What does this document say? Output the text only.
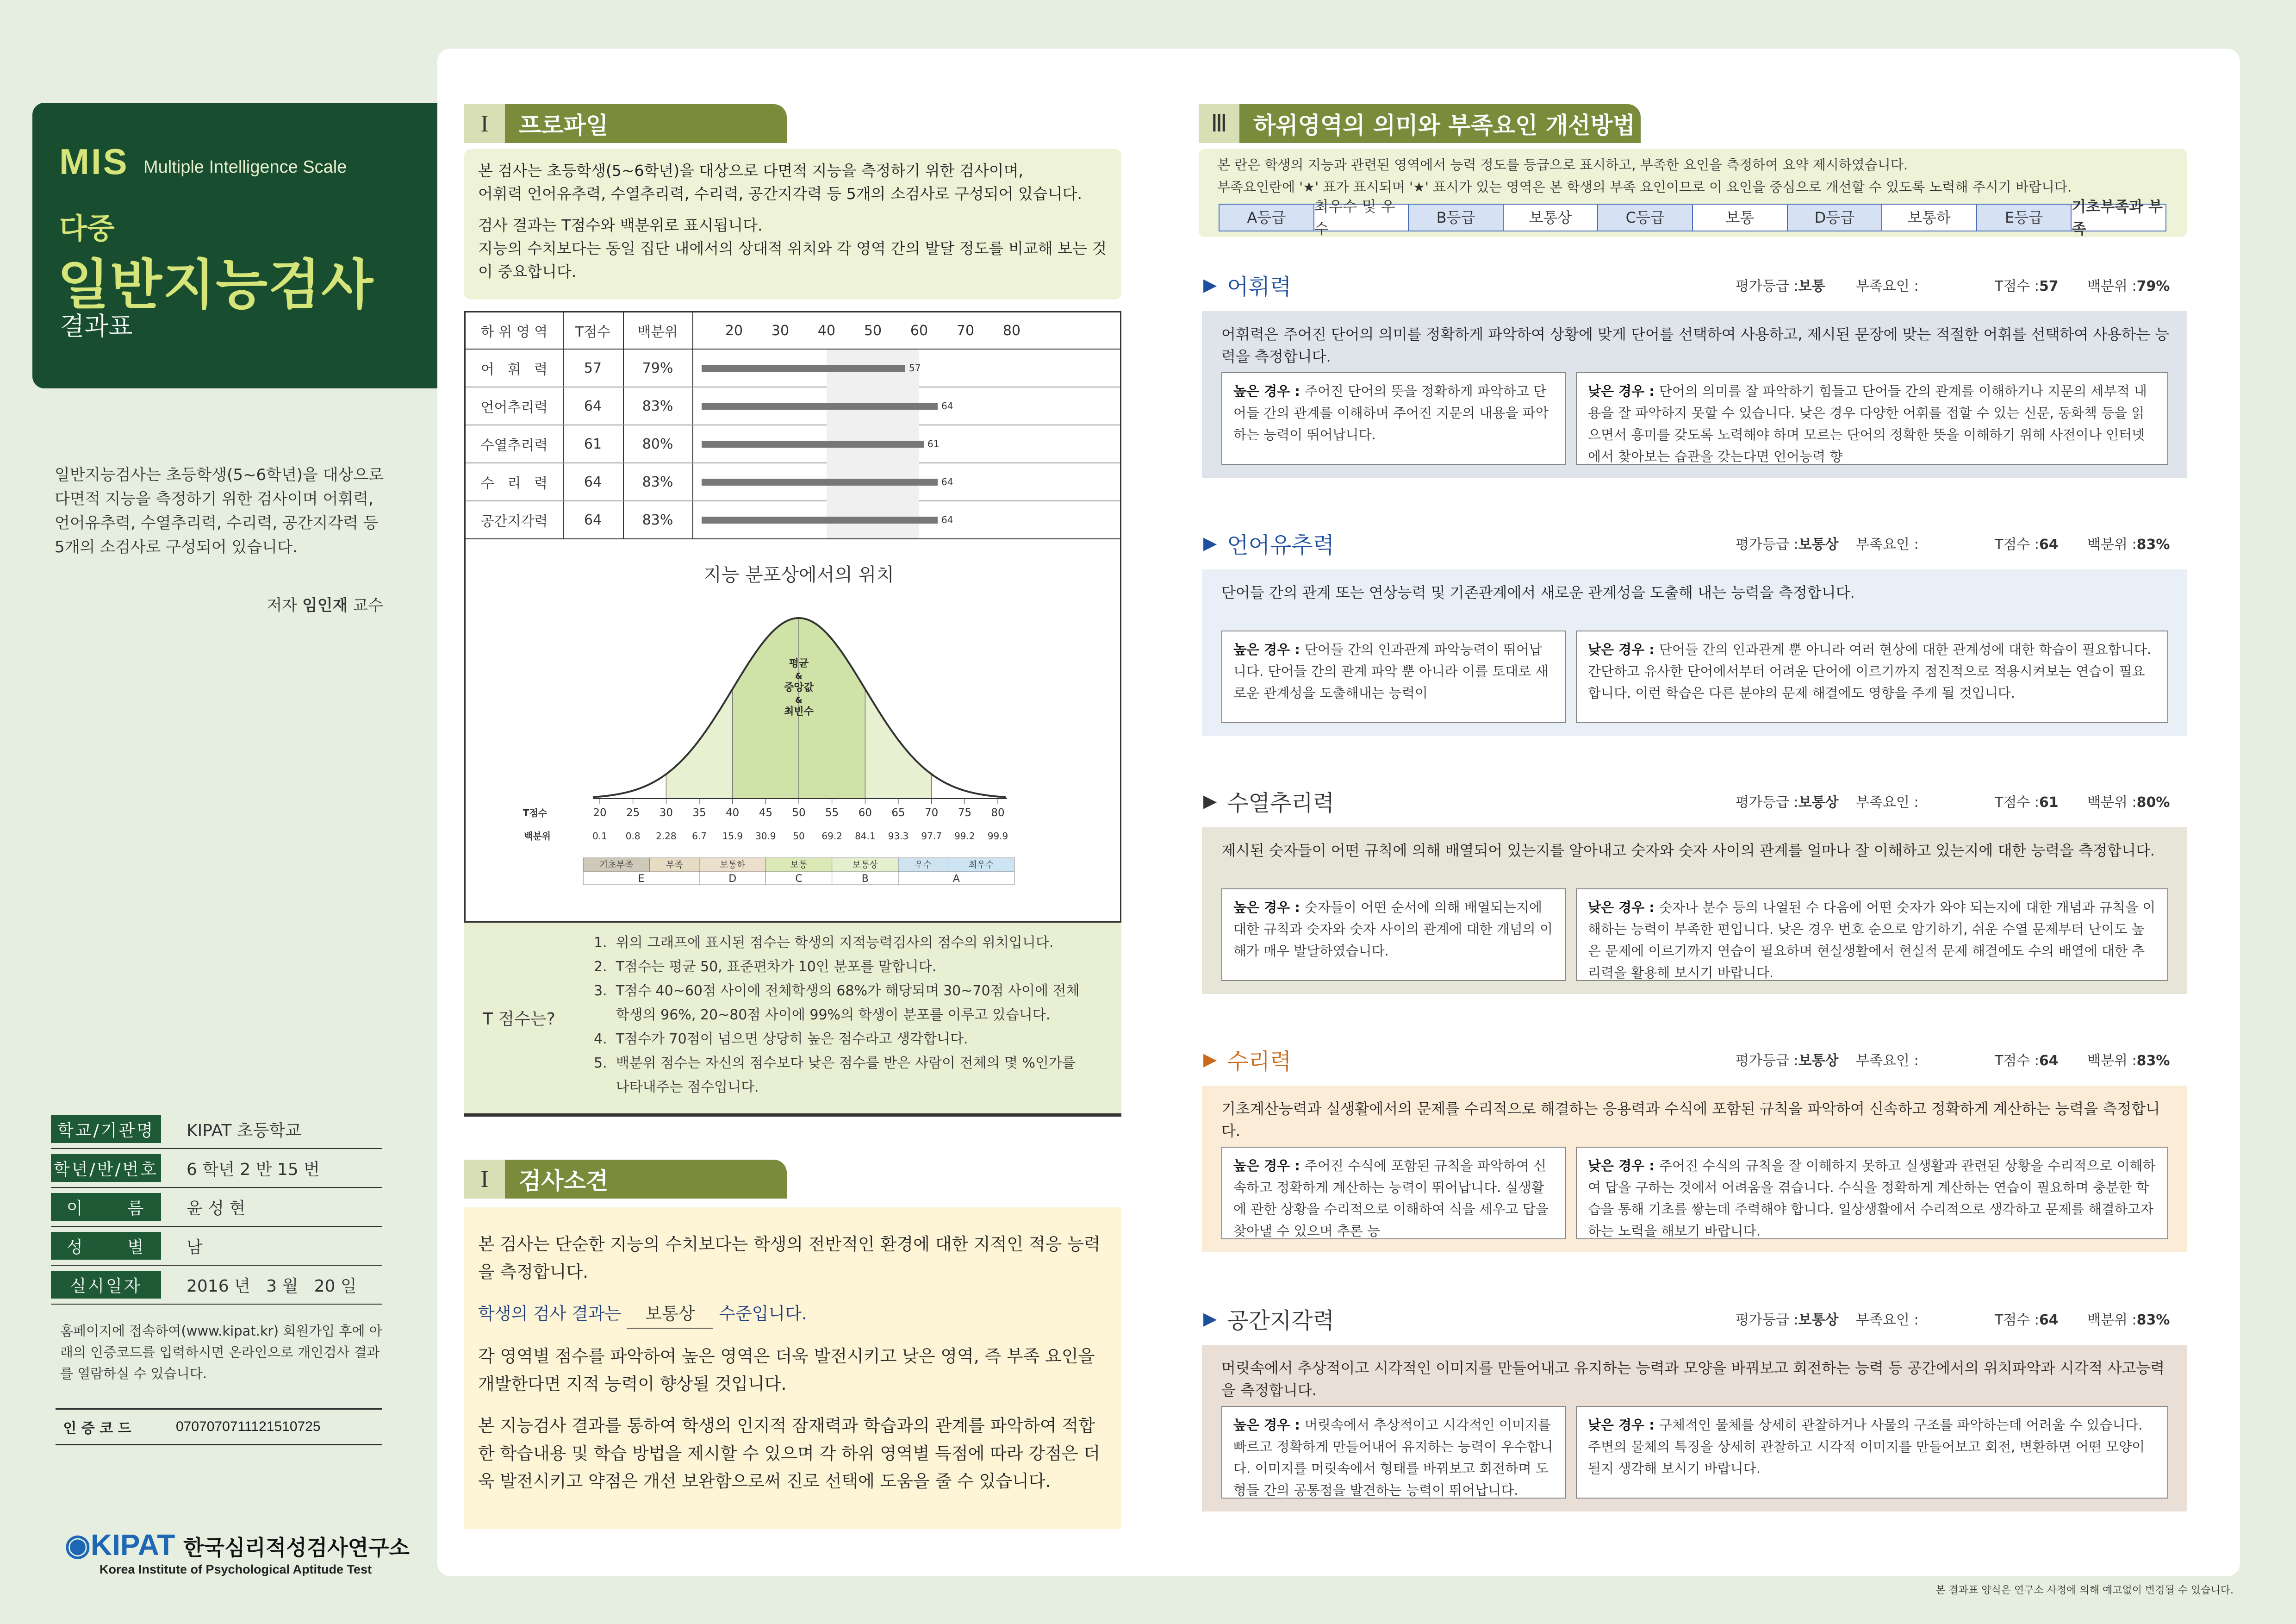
MIS Multiple Intelligence Scale
다중
일반지능검사
결과표
일반지능검사는 초등학생(5~6학년)을 대상으로 다면적 지능을 측정하기 위한 검사이며 어휘력, 언어유추력, 수열추리력, 수리력, 공간지각력 등 5개의 소검사로 구성되어 있습니다.
저자 임인재 교수
학교/기관명	KIPAT 초등학교
학년/반/번호	6 학년 2 반 15 번
이      름	윤 성 현
성      별	남
실시일자	2016 년   3 월   20 일
홈페이지에 접속하여(www.kipat.kr) 회원가입 후에 아래의 인증코드를 입력하시면 온라인으로 개인검사 결과를 열람하실 수 있습니다.
인 증 코 드	0707070711121510725
◉KIPAT 한국심리적성검사연구소
Korea Institute of Psychological Aptitude Test
본 결과표 양식은 연구소 사정에 의해 예고없이 변경될 수 있습니다.
I	프로파일
본 검사는 초등학생(5~6학년)을 대상으로 다면적 지능을 측정하기 위한 검사이며,
어휘력 언어유추력, 수열추리력, 수리력, 공간지각력 등 5개의 소검사로 구성되어 있습니다.
검사 결과는 T점수와 백분위로 표시됩니다.
지능의 수치보다는 동일 집단 내에서의 상대적 위치와 각 영역 간의 발달 정도를 비교해 보는 것이 중요합니다.
하 위 영 역	T점수	백분위	20	30	40	50	60	70	80
어   휘   력	57	79%	57
언어추리력	64	83%	64
수열추리력	61	80%	61
수   리   력	64	83%	64
공간지각력	64	83%	64
지능 분포상에서의 위치
평균
&
중앙값
&
최빈수
T점수
백분위
20 25 30 35 40 45 50 55 60 65 70 75 80
0.1 0.8 2.28 6.7 15.9 30.9 50 69.2 84.1 93.3 97.7 99.2 99.9
기초부족	부족	보통하	보통	보통상	우수	최우수
E	D	C	B	A
T 점수는?
1.  위의 그래프에 표시된 점수는 학생의 지적능력검사의 점수의 위치입니다.
2.  T점수는 평균 50, 표준편차가 10인 분포를 말합니다.
3.  T점수 40~60점 사이에 전체학생의 68%가 해당되며 30~70점 사이에 전체
학생의 96%, 20~80점 사이에 99%의 학생이 분포를 이루고 있습니다.
4.  T점수가 70점이 넘으면 상당히 높은 점수라고 생각합니다.
5.  백분위 점수는 자신의 점수보다 낮은 점수를 받은 사람이 전체의 몇 %인가를
나타내주는 점수입니다.
I	검사소견

본 검사는 단순한 지능의 수치보다는 학생의 전반적인 환경에 대한 지적인 적응 능력을 측정합니다.

학생의 검사 결과는 보통상 수준입니다.

각 영역별 점수를 파악하여 높은 영역은 더욱 발전시키고 낮은 영역, 즉 부족 요인을 개발한다면 지적 능력이 향상될 것입니다.

본 지능검사 결과를 통하여 학생의 인지적 잠재력과 학습과의 관계를 파악하여 적합한 학습내용 및 학습 방법을 제시할 수 있으며 각 하위 영역별 득점에 따라 강점은 더욱 발전시키고 약점은 개선 보완함으로써 진로 선택에 도움을 줄 수 있습니다.

Ⅲ	하위영역의 의미와 부족요인 개선방법
본 란은 학생의 지능과 관련된 영역에서 능력 정도를 등급으로 표시하고, 부족한 요인을 측정하여 요약 제시하였습니다.
부족요인란에 '★' 표가 표시되며 '★' 표시가 있는 영역은 본 학생의 부족 요인이므로 이 요인을 중심으로 개선할 수 있도록 노력해 주시기 바랍니다.
A등급
최우수 및 우수
B등급	보통상	C등급	보통	D등급	보통하	E등급
기초부족과 부족
▶ 어휘력	평가등급 :보통	부족요인 :	T점수 :57	백분위 :79%
어휘력은 주어진 단어의 의미를 정확하게 파악하여 상황에 맞게 단어를 선택하여 사용하고, 제시된 문장에 맞는 적절한 어휘를 선택하여 사용하는 능력을 측정합니다.
높은 경우 : 주어진 단어의 뜻을 정확하게 파악하고 단어들 간의 관계를 이해하며 주어진 지문의 내용을 파악하는 능력이 뛰어납니다.
낮은 경우 : 단어의 의미를 잘 파악하기 힘들고 단어들 간의 관계를 이해하거나 지문의 세부적 내용을 잘 파악하지 못할 수 있습니다. 낮은 경우 다양한 어휘를 접할 수 있는 신문, 동화책 등을 읽으면서 흥미를 갖도록 노력해야 하며 모르는 단어의 정확한 뜻을 이해하기 위해 사전이나 인터넷에서 찾아보는 습관을 갖는다면 언어능력 향
▶ 언어유추력	평가등급 :보통상	부족요인 :	T점수 :64	백분위 :83%
단어들 간의 관계 또는 연상능력 및 기존관계에서 새로운 관계성을 도출해 내는 능력을 측정합니다.
높은 경우 : 단어들 간의 인과관계 파악능력이 뛰어납니다. 단어들 간의 관계 파악 뿐 아니라 이를 토대로 새로운 관계성을 도출해내는 능력이
낮은 경우 : 단어들 간의 인과관계 뿐 아니라 여러 현상에 대한 관계성에 대한 학습이 필요합니다. 간단하고 유사한 단어에서부터 어려운 단어에 이르기까지 점진적으로 적용시켜보는 연습이 필요합니다. 이런 학습은 다른 분야의 문제 해결에도 영향을 주게 될 것입니다.
▶ 수열추리력	평가등급 :보통상	부족요인 :	T점수 :61	백분위 :80%
제시된 숫자들이 어떤 규칙에 의해 배열되어 있는지를 알아내고 숫자와 숫자 사이의 관계를 얼마나 잘 이해하고 있는지에 대한 능력을 측정합니다.
높은 경우 : 숫자들이 어떤 순서에 의해 배열되는지에 대한 규칙과 숫자와 숫자 사이의 관계에 대한 개념의 이해가 매우 발달하였습니다.
낮은 경우 : 숫자나 분수 등의 나열된 수 다음에 어떤 숫자가 와야 되는지에 대한 개념과 규칙을 이해하는 능력이 부족한 편입니다. 낮은 경우 번호 순으로 암기하기, 쉬운 수열 문제부터 난이도 높은 문제에 이르기까지 연습이 필요하며 현실생활에서 현실적 문제 해결에도 수의 배열에 대한 추리력을 활용해 보시기 바랍니다.
▶ 수리력	평가등급 :보통상	부족요인 :	T점수 :64	백분위 :83%
기초계산능력과 실생활에서의 문제를 수리적으로 해결하는 응용력과 수식에 포함된 규칙을 파악하여 신속하고 정확하게 계산하는 능력을 측정합니다.
높은 경우 : 주어진 수식에 포함된 규칙을 파악하여 신속하고 정확하게 계산하는 능력이 뛰어납니다. 실생활에 관한 상황을 수리적으로 이해하여 식을 세우고 답을 찾아낼 수 있으며 추론 능
낮은 경우 : 주어진 수식의 규칙을 잘 이해하지 못하고 실생활과 관련된 상황을 수리적으로 이해하여 답을 구하는 것에서 어려움을 겪습니다. 수식을 정확하게 계산하는 연습이 필요하며 충분한 학습을 통해 기초를 쌓는데 주력해야 합니다. 일상생활에서 수리적으로 생각하고 문제를 해결하고자 하는 노력을 해보기 바랍니다.
▶ 공간지각력	평가등급 :보통상	부족요인 :	T점수 :64	백분위 :83%
머릿속에서 추상적이고 시각적인 이미지를 만들어내고 유지하는 능력과 모양을 바꿔보고 회전하는 능력 등 공간에서의 위치파악과 시각적 사고능력을 측정합니다.
높은 경우 : 머릿속에서 추상적이고 시각적인 이미지를 빠르고 정확하게 만들어내어 유지하는 능력이 우수합니다. 이미지를 머릿속에서 형태를 바꿔보고 회전하며 도형들 간의 공통점을 발견하는 능력이 뛰어납니다.
낮은 경우 : 구체적인 물체를 상세히 관찰하거나 사물의 구조를 파악하는데 어려울 수 있습니다. 주변의 물체의 특징을 상세히 관찰하고 시각적 이미지를 만들어보고 회전, 변환하면 어떤 모양이 될지 생각해 보시기 바랍니다.
